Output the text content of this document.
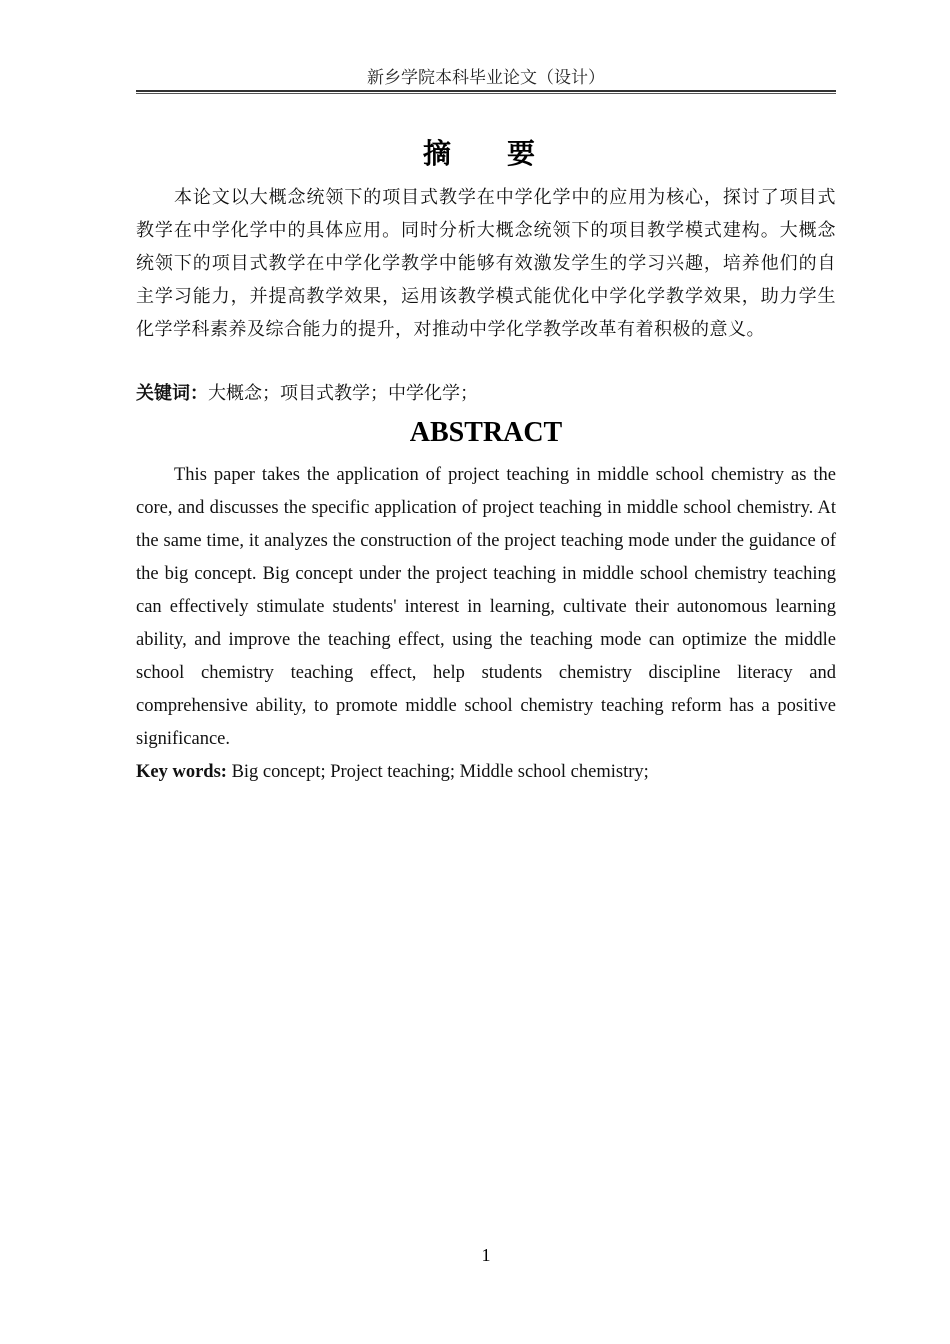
新乡学院本科毕业论文（设计）
摘　要
本论文以大概念统领下的项目式教学在中学化学中的应用为核心，探讨了项目式教学在中学化学中的具体应用。同时分析大概念统领下的项目教学模式建构。大概念统领下的项目式教学在中学化学教学中能够有效激发学生的学习兴趣，培养他们的自主学习能力，并提高教学效果，运用该教学模式能优化中学化学教学效果，助力学生化学学科素养及综合能力的提升，对推动中学化学教学改革有着积极的意义。
关键词：大概念；项目式教学；中学化学；
ABSTRACT
This paper takes the application of project teaching in middle school chemistry as the core, and discusses the specific application of project teaching in middle school chemistry. At the same time, it analyzes the construction of the project teaching mode under the guidance of the big concept. Big concept under the project teaching in middle school chemistry teaching can effectively stimulate students' interest in learning, cultivate their autonomous learning ability, and improve the teaching effect, using the teaching mode can optimize the middle school chemistry teaching effect, help students chemistry discipline literacy and comprehensive ability, to promote middle school chemistry teaching reform has a positive significance.
Key words: Big concept; Project teaching; Middle school chemistry;
1
